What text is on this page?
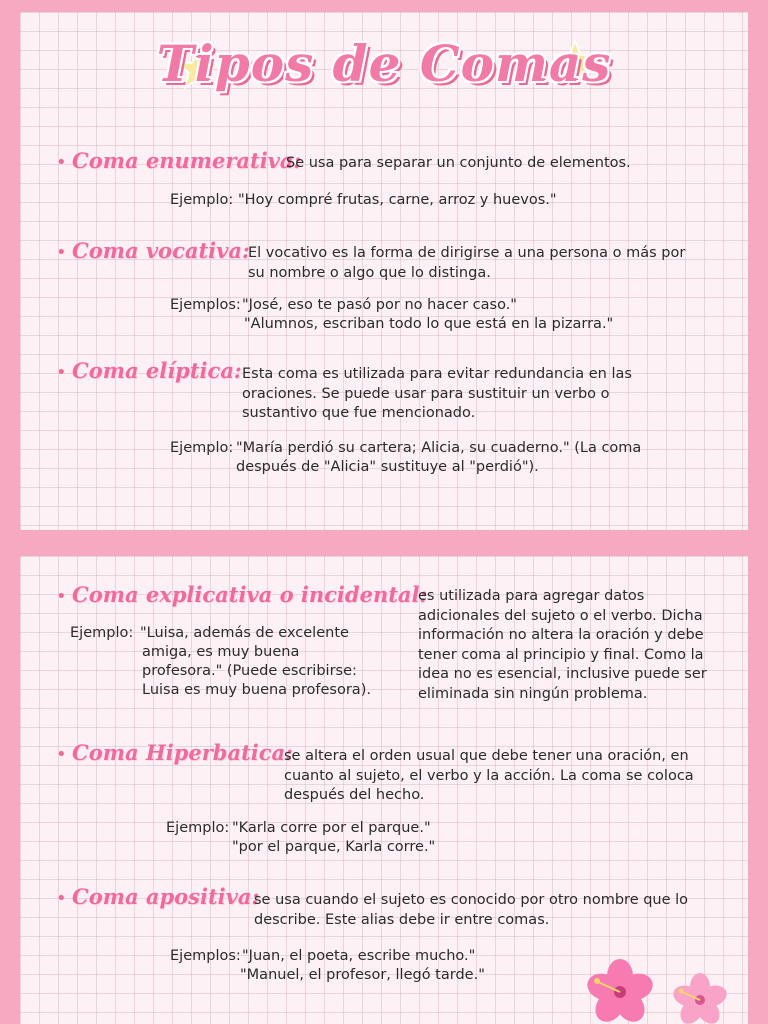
Tipos de Comas
• Coma enumerativa:
Se usa para separar un conjunto de elementos.
Ejemplo: "Hoy compré frutas, carne, arroz y huevos."
• Coma vocativa:
El vocativo es la forma de dirigirse a una persona o más por su nombre o algo que lo distinga.
Ejemplos: "José, eso te pasó por no hacer caso."
"Alumnos, escriban todo lo que está en la pizarra."
• Coma elíptica: Esta coma es utilizada para evitar redundancia en las oraciones. Se puede usar para sustituir un verbo o sustantivo que fue mencionado.
Ejemplo: "María perdió su cartera; Alicia, su cuaderno." (La coma
después de "Alicia" sustituye al "perdió").
• Coma explicativa o incidental:
es utilizada para agregar datos adicionales del sujeto o el verbo. Dicha información no altera la oración y debe tener coma al principio y final. Como la idea no es esencial, inclusive puede ser eliminada sin ningún problema.
Ejemplo: "Luisa, además de excelente
amiga, es muy buena
profesora." (Puede escribirse:
Luisa es muy buena profesora).
• Coma Hiperbatica:
se altera el orden usual que debe tener una oración, en cuanto al sujeto, el verbo y la acción. La coma se coloca después del hecho.
Ejemplo: "Karla corre por el parque."
"por el parque, Karla corre."
• Coma apositiva:
se usa cuando el sujeto es conocido por otro nombre que lo describe. Este alias debe ir entre comas.
Ejemplos: "Juan, el poeta, escribe mucho."
"Manuel, el profesor, llegó tarde."
